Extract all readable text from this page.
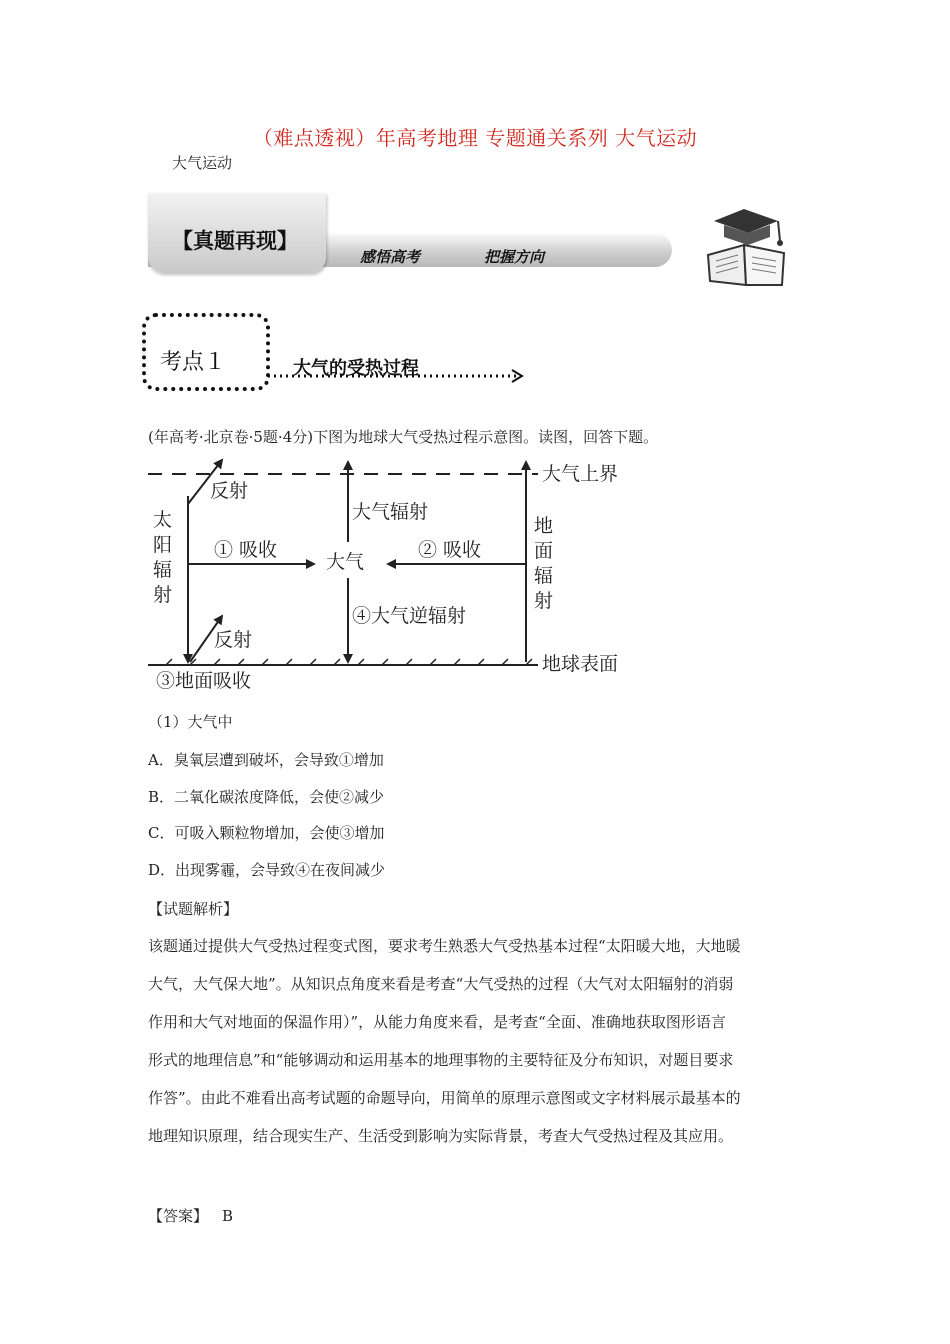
（难点透视）年高考地理 专题通关系列 大气运动
大气运动
【真题再现】
感悟高考	把握方向
考点１	大气的受热过程
(年高考·北京卷·5题·4分)下图为地球大气受热过程示意图。读图，回答下题。
大气上界
地球表面
太
阳
辐
射
反射
反射
① 吸收	② 吸收
大气
大气辐射
④大气逆辐射
地
面
辐
射
③地面吸收
（1）大气中
A．臭氧层遭到破坏，会导致①增加
B．二氧化碳浓度降低，会使②减少
C．可吸入颗粒物增加，会使③增加
D．出现雾霾，会导致④在夜间减少
【试题解析】
该题通过提供大气受热过程变式图，要求考生熟悉大气受热基本过程“太阳暖大地，大地暖
大气，大气保大地”。从知识点角度来看是考查“大气受热的过程（大气对太阳辐射的消弱
作用和大气对地面的保温作用）”，从能力角度来看，是考查“全面、准确地获取图形语言
形式的地理信息”和“能够调动和运用基本的地理事物的主要特征及分布知识，对题目要求
作答”。由此不难看出高考试题的命题导向，用简单的原理示意图或文字材料展示最基本的
地理知识原理，结合现实生产、生活受到影响为实际背景，考查大气受热过程及其应用。
【答案】 B
